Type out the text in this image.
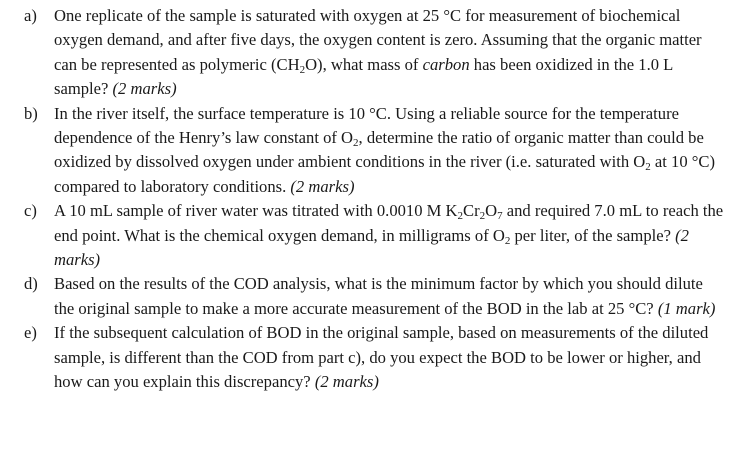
a) One replicate of the sample is saturated with oxygen at 25 °C for measurement of biochemical oxygen demand, and after five days, the oxygen content is zero. Assuming that the organic matter can be represented as polymeric $(CH_2O)$, what mass of carbon has been oxidized in the 1.0 L sample? (2 marks)
b) In the river itself, the surface temperature is 10 °C. Using a reliable source for the temperature dependence of the Henry’s law constant of $O_2$, determine the ratio of organic matter than could be oxidized by dissolved oxygen under ambient conditions in the river (i.e. saturated with $O_2$ at 10 °C) compared to laboratory conditions. (2 marks)
c) A 10 mL sample of river water was titrated with 0.0010 M $K_2Cr_2O_7$ and required 7.0 mL to reach the end point. What is the chemical oxygen demand, in milligrams of $O_2$ per liter, of the sample? (2 marks)
d) Based on the results of the COD analysis, what is the minimum factor by which you should dilute the original sample to make a more accurate measurement of the BOD in the lab at 25 °C? (1 mark)
e) If the subsequent calculation of BOD in the original sample, based on measurements of the diluted sample, is different than the COD from part c), do you expect the BOD to be lower or higher, and how can you explain this discrepancy? (2 marks)
